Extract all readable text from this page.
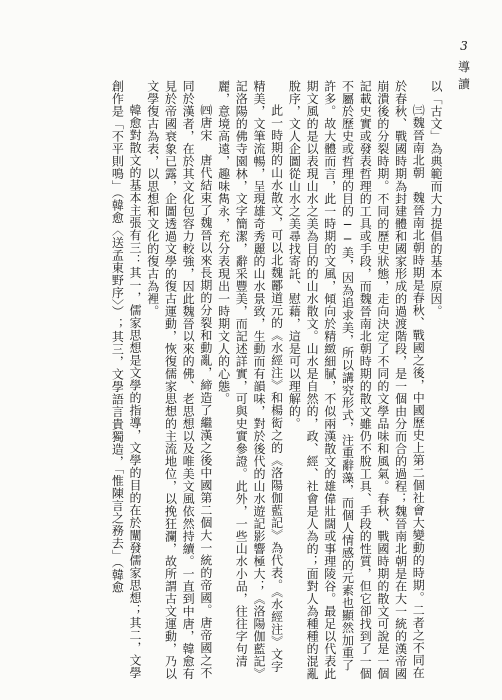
3
導讀

以「古文」為典範而大力提倡的基本原因。

㈢魏晉南北朝　魏晉南北朝時期是春秋、戰國之後，中國歷史上第二個社會大變動的時期。二者之不同在於春秋、戰國時期為封建體和國家形成的過渡階段，是一個由分而合的過程；魏晉南北朝是在大一統的漢帝國崩潰後的分裂時期。不同的歷史狀態，走向決定了不同的文學品味和風氣。春秋、戰國時期的散文可說是一個記載史實或發表哲理的工具或手段，而魏晉南北朝時期的散文雖仍不脫工具、手段的性質，但它卻找到了一個不屬於歷史或哲理的目的──美，因為追求美，所以講究形式，注重辭藻，而個人情感的元素也顯然加重了許多。故大體而言，此一時期的文風，傾向於精緻細膩，不似兩漢散文的雄偉壯闊或事理陵谷。最足以代表此期文風的是以表現山水之美為目的的山水散文。山水是自然的，政、經、社會是人為的；面對人為種種的混亂脫序，文人企圖從山水之美尋找寄託、慰藉，這是可以理解的。

此一時期的山水散文，可以北魏酈道元的《水經注》和楊衒之的《洛陽伽藍記》為代表。《水經注》文字精美，文筆流暢，呈現雄奇秀麗的山水景致，生動而有韻味，對於後代的山水遊記影響極大；《洛陽伽藍記》記洛陽的佛寺園林，文字簡潔，辭采豐美，而記述詳實，可與史實參證。此外，一些山水小品，往往字句清麗，意境高遠，趣味雋永，充分表現出一時期文人的心態。

㈣唐宋　唐代結束了魏晉以來長期的分裂和動亂，締造了繼漢之後中國第二個大一統的帝國。唐帝國之不同於漢者，在於其文化包容力較強，因此魏晉以來的佛、老思想以及唯美文風依然持續。一直到中唐，韓愈有見於帝國衰象已露，企圖透過文學的復古運動，恢復儒家思想的主流地位，以挽狂瀾，故所謂古文運動，乃以文學復古為表，以思想和文化的復古為裡。

韓愈對散文的基本主張有三：其一，儒家思想是文學的指導，文學的目的在於闡發儒家思想；其二，文學創作是「不平則鳴」（韓愈〈送孟東野序〉）；其三，文學語言貴獨造，「惟陳言之務去」（韓愈
